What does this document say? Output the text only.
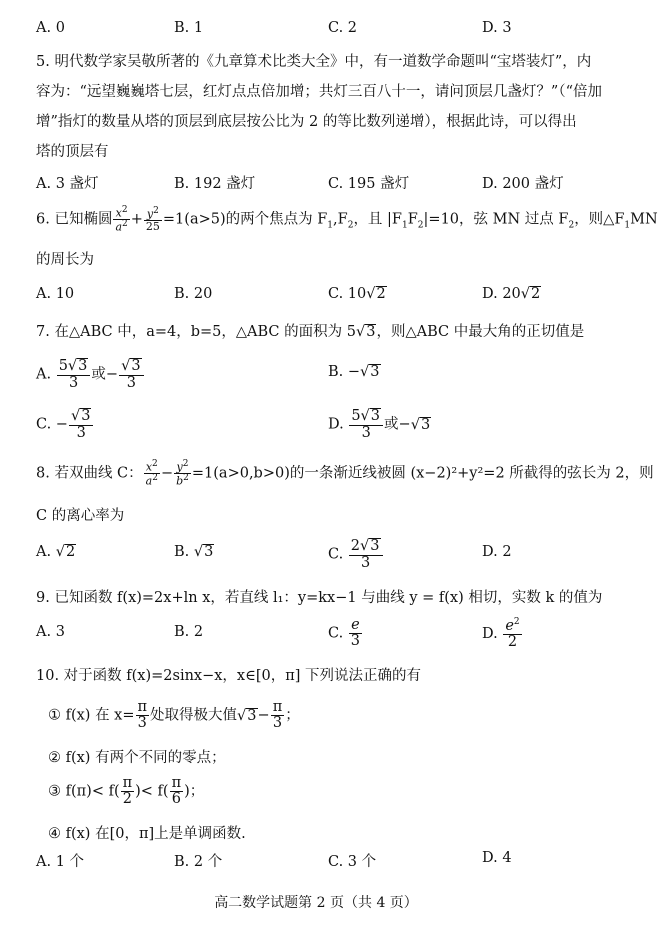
A. 0	B. 1	C. 2	D. 3
5. 明代数学家吴敬所著的《九章算术比类大全》中，有一道数学命题叫“宝塔装灯”，内
容为：“远望巍巍塔七层，红灯点点倍加增；共灯三百八十一，请问顶层几盏灯？”（“倍加
增”指灯的数量从塔的顶层到底层按公比为 2 的等比数列递增），根据此诗，可以得出
塔的顶层有
A. 3 盏灯	B. 192 盏灯	C. 195 盏灯	D. 200 盏灯
6. 已知椭圆 $\frac{x^2}{a^2} + \frac{y^2}{25} =1(a>5)$的两个焦点为 $F_1,F_2$，且 $|F_1F_2|=10$，弦 MN 过点 $F_2$，则$\triangle F_1MN$
的周长为
A. 10	B. 20	C. 10√2	D. 20√2
7. 在△ABC 中，a=4，b=5，△ABC 的面积为 5√3，则△ABC 中最大角的正切值是
A. $\frac{5√3}{3}$ 或− $\frac{√3}{3}$	B. −√3
C. − $\frac{√3}{3}$	D. $\frac{5√3}{3}$ 或−√3
8. 若双曲线 C： $\frac{x^2}{a^2} - \frac{y^2}{b^2} =1(a>0,b>0)$的一条渐近线被圆 (x−2)²+y²=2 所截得的弦长为 2，则
C 的离心率为
A. √2	B. √3	C. $\frac{2√3}{3}$	D. 2
9. 已知函数 f(x)=2x+ln x，若直线 l₁：y=kx−1 与曲线 y = f(x) 相切，实数 k 的值为
A. 3	B. 2	C. $\frac{e}{3}$	D. $\frac{e^2}{2}$
10. 对于函数 f(x)=2sinx−x，x∈[0，π] 下列说法正确的有
① f(x) 在 $x= \frac{\pi}{3}$ 处取得极大值$√3- \frac{\pi}{3}$ ；
② f(x) 有两个不同的零点；
③ $f(\pi)< f( \frac{\pi}{2}$ )< $f( \frac{\pi}{6}$ )；
④ f(x) 在[0，π]上是单调函数.
A. 1 个	B. 2 个	C. 3 个	D. 4
高二数学试题第 2 页（共 4 页）
